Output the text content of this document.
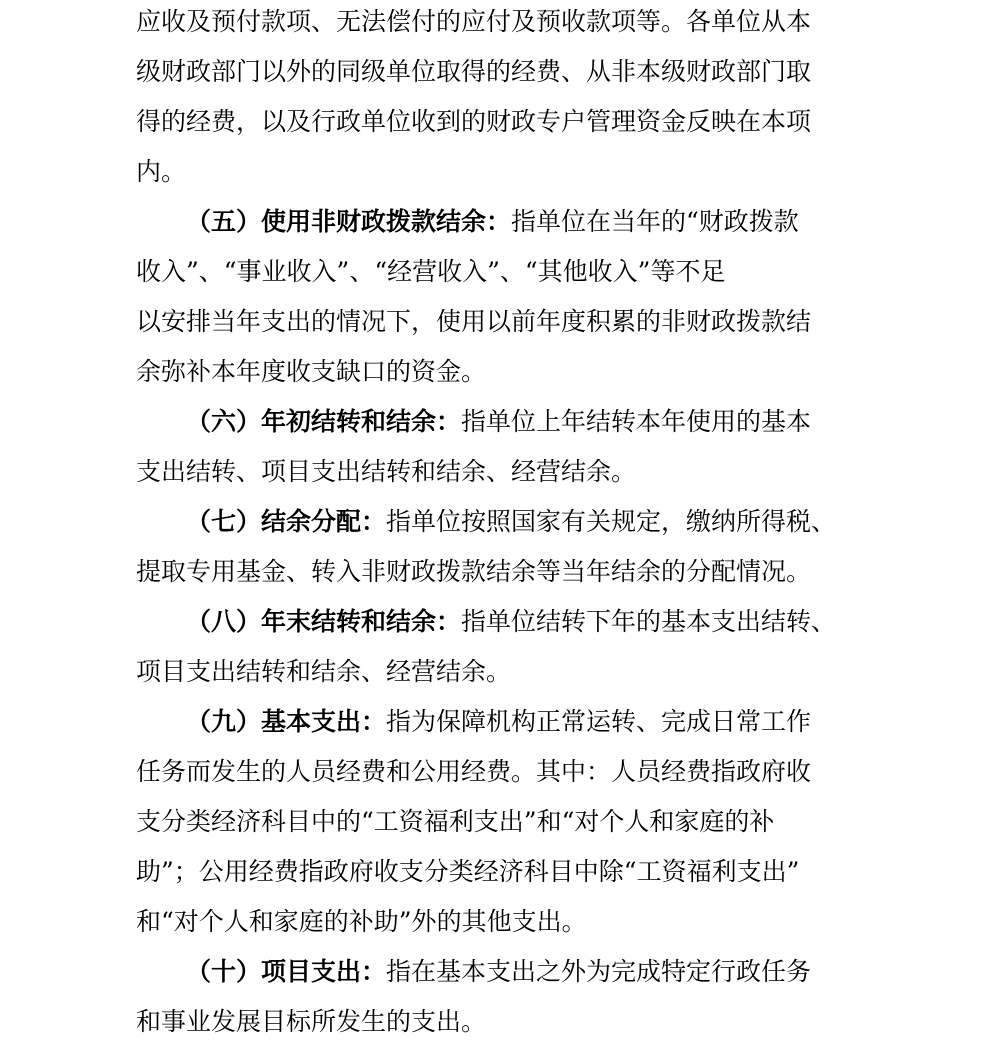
应收及预付款项、无法偿付的应付及预收款项等。各单位从本
级财政部门以外的同级单位取得的经费、从非本级财政部门取
得的经费，以及行政单位收到的财政专户管理资金反映在本项
内。
（五）使用非财政拨款结余：指单位在当年的“财政拨款
收入”、“事业收入”、“经营收入”、“其他收入”等不足
以安排当年支出的情况下，使用以前年度积累的非财政拨款结
余弥补本年度收支缺口的资金。
（六）年初结转和结余：指单位上年结转本年使用的基本
支出结转、项目支出结转和结余、经营结余。
（七）结余分配：指单位按照国家有关规定，缴纳所得税、
提取专用基金、转入非财政拨款结余等当年结余的分配情况。
（八）年末结转和结余：指单位结转下年的基本支出结转、
项目支出结转和结余、经营结余。
（九）基本支出：指为保障机构正常运转、完成日常工作
任务而发生的人员经费和公用经费。其中：人员经费指政府收
支分类经济科目中的“工资福利支出”和“对个人和家庭的补
助”；公用经费指政府收支分类经济科目中除“工资福利支出”
和“对个人和家庭的补助”外的其他支出。
（十）项目支出：指在基本支出之外为完成特定行政任务
和事业发展目标所发生的支出。
